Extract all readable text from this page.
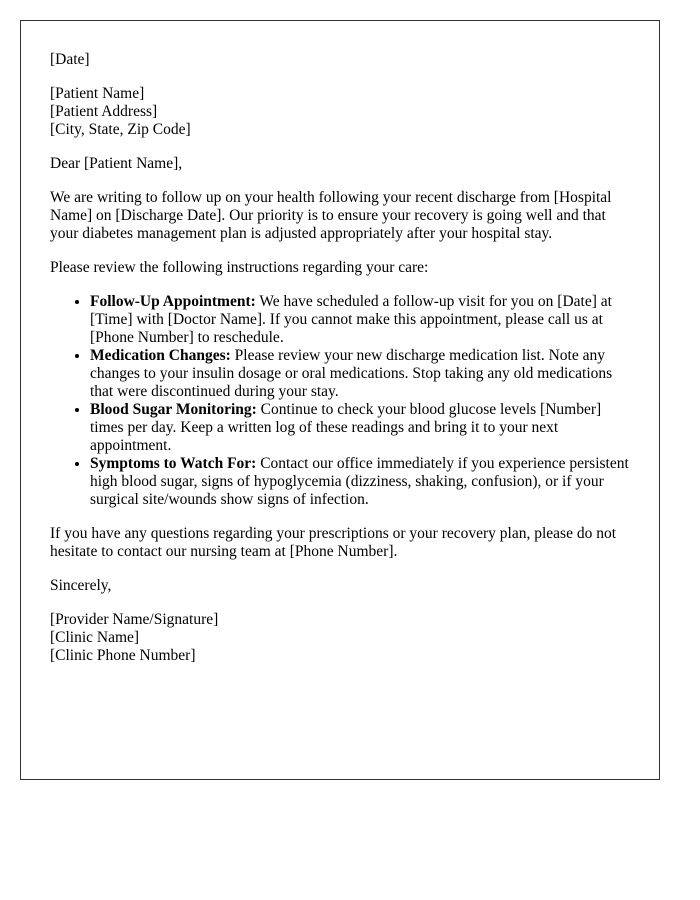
[Date]

[Patient Name]
[Patient Address]
[City, State, Zip Code]

Dear [Patient Name],

We are writing to follow up on your health following your recent discharge from [Hospital Name] on [Discharge Date]. Our priority is to ensure your recovery is going well and that your diabetes management plan is adjusted appropriately after your hospital stay.

Please review the following instructions regarding your care:

• Follow-Up Appointment: We have scheduled a follow-up visit for you on [Date] at [Time] with [Doctor Name]. If you cannot make this appointment, please call us at [Phone Number] to reschedule.
• Medication Changes: Please review your new discharge medication list. Note any changes to your insulin dosage or oral medications. Stop taking any old medications that were discontinued during your stay.
• Blood Sugar Monitoring: Continue to check your blood glucose levels [Number] times per day. Keep a written log of these readings and bring it to your next appointment.
• Symptoms to Watch For: Contact our office immediately if you experience persistent high blood sugar, signs of hypoglycemia (dizziness, shaking, confusion), or if your surgical site/wounds show signs of infection.

If you have any questions regarding your prescriptions or your recovery plan, please do not hesitate to contact our nursing team at [Phone Number].

Sincerely,

[Provider Name/Signature]
[Clinic Name]
[Clinic Phone Number]
